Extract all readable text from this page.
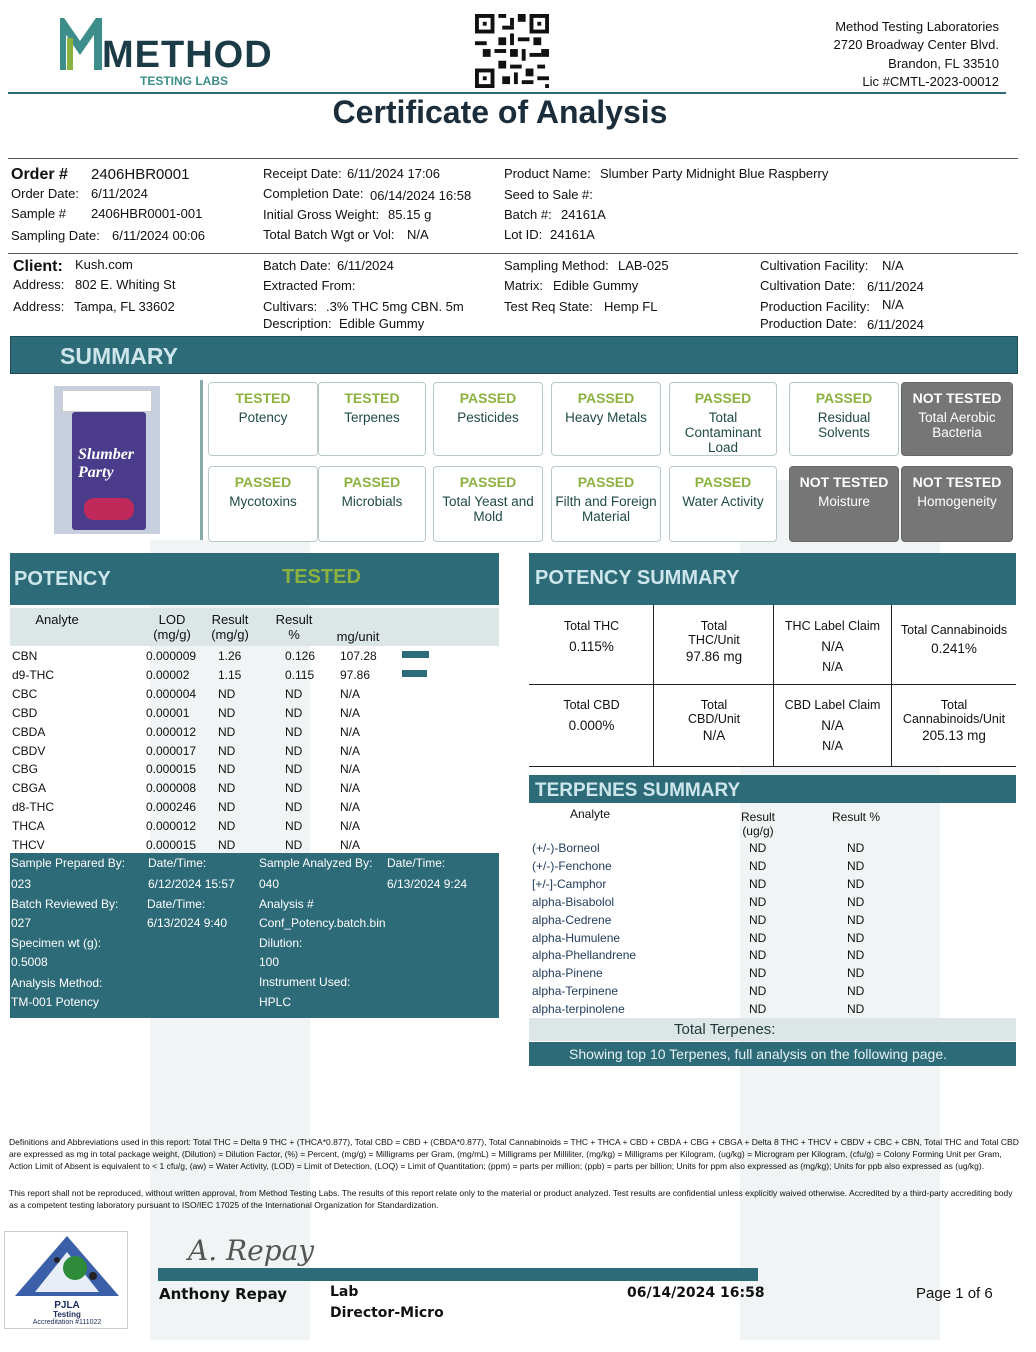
METHOD
TESTING LABS
Method Testing Laboratories
2720 Broadway Center Blvd.
Brandon, FL 33510
Lic #CMTL-2023-00012
Certificate of Analysis
Order # 2406HBR0001
Order Date: 6/11/2024
Sample # 2406HBR0001-001
Sampling Date: 6/11/2024 00:06
Receipt Date: 6/11/2024 17:06
Completion Date: 06/14/2024 16:58
Initial Gross Weight: 85.15 g
Total Batch Wgt or Vol: N/A
Product Name: Slumber Party Midnight Blue Raspberry
Seed to Sale #:
Batch #: 24161A
Lot ID: 24161A
Client: Kush.com
Address: 802 E. Whiting St
Address: Tampa, FL 33602
Batch Date: 6/11/2024
Extracted From:
Cultivars: .3% THC 5mg CBN. 5m
Description: Edible Gummy
Sampling Method: LAB-025
Matrix: Edible Gummy
Test Req State: Hemp FL
Cultivation Facility: N/A
Cultivation Date: 6/11/2024
Production Facility: N/A
Production Date: 6/11/2024
SUMMARY
Slumber
Party
TESTED
Potency
TESTED
Terpenes
PASSED
Pesticides
PASSED
Heavy Metals
PASSED
Total Contaminant Load
PASSED
Residual Solvents
NOT TESTED
Total Aerobic Bacteria
PASSED
Mycotoxins
PASSED
Microbials
PASSED
Total Yeast and Mold
PASSED
Filth and Foreign Material
PASSED
Water Activity
NOT TESTED
Moisture
NOT TESTED
Homogeneity
POTENCY	TESTED
Analyte	LOD (mg/g)
Result (mg/g)
Result %	mg/unit
CBN	0.000009 1.26	0.126 107.28
d9-THC	0.00002 1.15	0.115 97.86
CBC	0.000004 ND	ND	N/A
CBD	0.00001 ND	ND	N/A
CBDA	0.000012 ND	ND	N/A
CBDV	0.000017 ND	ND	N/A
CBG	0.000015 ND	ND	N/A
CBGA	0.000008 ND	ND	N/A
d8-THC	0.000246 ND	ND	N/A
THCA	0.000012 ND	ND	N/A
THCV	0.000015 ND	ND	N/A
Sample Prepared By:
023
Date/Time:
6/12/2024 15:57
Sample Analyzed By:
040
Date/Time:
6/13/2024 9:24
Batch Reviewed By:
027
Date/Time:
6/13/2024 9:40
Analysis #
Conf_Potency.batch.bin
Specimen wt (g):
0.5008
Dilution:
100
Analysis Method:
TM-001 Potency
Instrument Used:
HPLC
POTENCY SUMMARY
Total THC
0.115%
Total THC/Unit
97.86 mg
THC Label Claim
N/A
N/A
Total Cannabinoids
0.241%
Total CBD
0.000%
Total CBD/Unit
N/A
CBD Label Claim
N/A
N/A
Total Cannabinoids/Unit
205.13 mg
TERPENES SUMMARY
Analyte	Result (ug/g)
Result %
(+/-)-Borneol	ND	ND
(+/-)-Fenchone	ND	ND
[+/-]-Camphor	ND	ND
alpha-Bisabolol	ND	ND
alpha-Cedrene	ND	ND
alpha-Humulene	ND	ND
alpha-Phellandrene	ND	ND
alpha-Pinene	ND	ND
alpha-Terpinene	ND	ND
alpha-terpinolene	ND	ND
Total Terpenes:
Showing top 10 Terpenes, full analysis on the following page.
Definitions and Abbreviations used in this report: Total THC = Delta 9 THC + (THCA*0.877), Total CBD = CBD + (CBDA*0.877), Total Cannabinoids = THC + THCA + CBD + CBDA + CBG + CBGA + Delta 8 THC + THCV + CBDV + CBC + CBN, Total THC and Total CBD are expressed as mg in total package weight, (Dilution) = Dilution Factor, (%) = Percent, (mg/g) = Milligrams per Gram, (mg/mL) = Milligrams per Milliliter, (mg/kg) = Milligrams per Kilogram, (ug/kg) = Microgram per Kilogram, (cfu/g) = Colony Forming Unit per Gram, Action Limit of Absent is equivalent to < 1 cfu/g, (aw) = Water Activity, (LOD) = Limit of Detection, (LOQ) = Limit of Quantitation; (ppm) = parts per million; (ppb) = parts per billion; Units for ppm also expressed as (mg/kg); Units for ppb also expressed as (ug/kg).
This report shall not be reproduced, without written approval, from Method Testing Labs. The results of this report relate only to the material or product analyzed. Test results are confidential unless explicitly waived otherwise. Accredited by a third-party accrediting body as a competent testing laboratory pursuant to ISO/IEC 17025 of the International Organization for Standardization.
PJLA
Testing
Accreditation #111022
A. Repay
Anthony Repay	Lab
Director-Micro
06/14/2024 16:58	Page 1 of 6
